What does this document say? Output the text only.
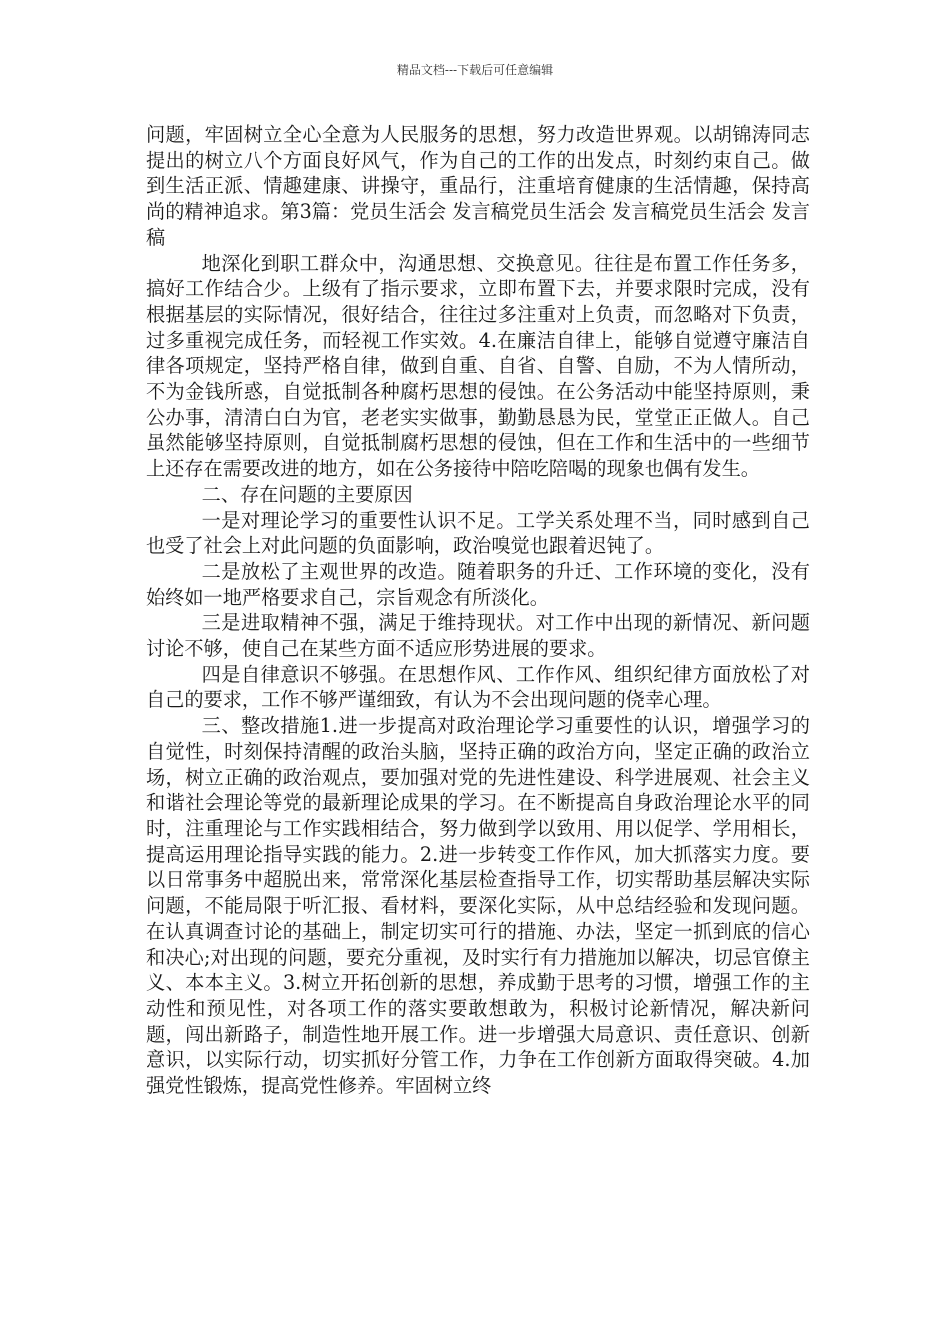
精品文档---下载后可任意编辑

问题，牢固树立全心全意为人民服务的思想，努力改造世界观。以胡锦涛同志提出的树立八个方面良好风气，作为自己的工作的出发点，时刻约束自己。做到生活正派、情趣建康、讲操守，重品行，注重培育健康的生活情趣，保持高尚的精神追求。第3篇：党员生活会 发言稿党员生活会 发言稿党员生活会 发言稿

地深化到职工群众中，沟通思想、交换意见。往往是布置工作任务多，搞好工作结合少。上级有了指示要求，立即布置下去，并要求限时完成，没有根据基层的实际情况，很好结合，往往过多注重对上负责，而忽略对下负责，过多重视完成任务，而轻视工作实效。4.在廉洁自律上，能够自觉遵守廉洁自律各项规定，坚持严格自律，做到自重、自省、自警、自励，不为人情所动，不为金钱所惑，自觉抵制各种腐朽思想的侵蚀。在公务活动中能坚持原则，秉公办事，清清白白为官，老老实实做事，勤勤恳恳为民，堂堂正正做人。自己虽然能够坚持原则，自觉抵制腐朽思想的侵蚀，但在工作和生活中的一些细节上还存在需要改进的地方，如在公务接待中陪吃陪喝的现象也偶有发生。

二、存在问题的主要原因

一是对理论学习的重要性认识不足。工学关系处理不当，同时感到自己也受了社会上对此问题的负面影响，政治嗅觉也跟着迟钝了。

二是放松了主观世界的改造。随着职务的升迁、工作环境的变化，没有始终如一地严格要求自己，宗旨观念有所淡化。

三是进取精神不强，满足于维持现状。对工作中出现的新情况、新问题讨论不够，使自己在某些方面不适应形势进展的要求。

四是自律意识不够强。在思想作风、工作作风、组织纪律方面放松了对自己的要求，工作不够严谨细致，有认为不会出现问题的侥幸心理。

三、整改措施1.进一步提高对政治理论学习重要性的认识，增强学习的自觉性，时刻保持清醒的政治头脑，坚持正确的政治方向，坚定正确的政治立场，树立正确的政治观点，要加强对党的先进性建设、科学进展观、社会主义和谐社会理论等党的最新理论成果的学习。在不断提高自身政治理论水平的同时，注重理论与工作实践相结合，努力做到学以致用、用以促学、学用相长，提高运用理论指导实践的能力。2.进一步转变工作作风，加大抓落实力度。要以日常事务中超脱出来，常常深化基层检查指导工作，切实帮助基层解决实际问题，不能局限于听汇报、看材料，要深化实际，从中总结经验和发现问题。在认真调查讨论的基础上，制定切实可行的措施、办法，坚定一抓到底的信心和决心;对出现的问题，要充分重视，及时实行有力措施加以解决，切忌官僚主义、本本主义。3.树立开拓创新的思想，养成勤于思考的习惯，增强工作的主动性和预见性，对各项工作的落实要敢想敢为，积极讨论新情况，解决新问题，闯出新路子，制造性地开展工作。进一步增强大局意识、责任意识、创新意识，以实际行动，切实抓好分管工作，力争在工作创新方面取得突破。4.加强党性锻炼，提高党性修养。牢固树立终
